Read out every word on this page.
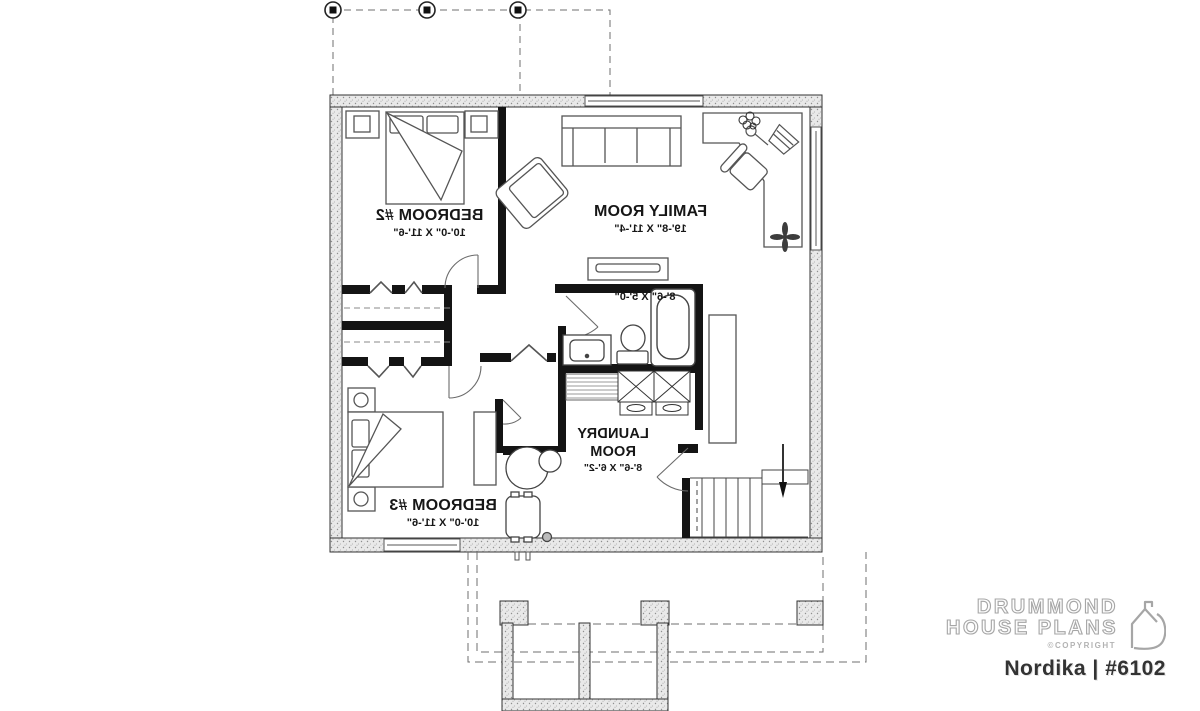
BEDROOM #2
10'-0" X 11'-6"
FAMILY ROOM
19'-8" X 11'-4"
8'-6" X 5'-0"
LAUNDRY
ROOM
8'-6" X 6'-2"
BEDROOM #3
10'-0" X 11'-6"
DRUMMOND
HOUSE PLANS
©COPYRIGHT
Nordika | #6102
